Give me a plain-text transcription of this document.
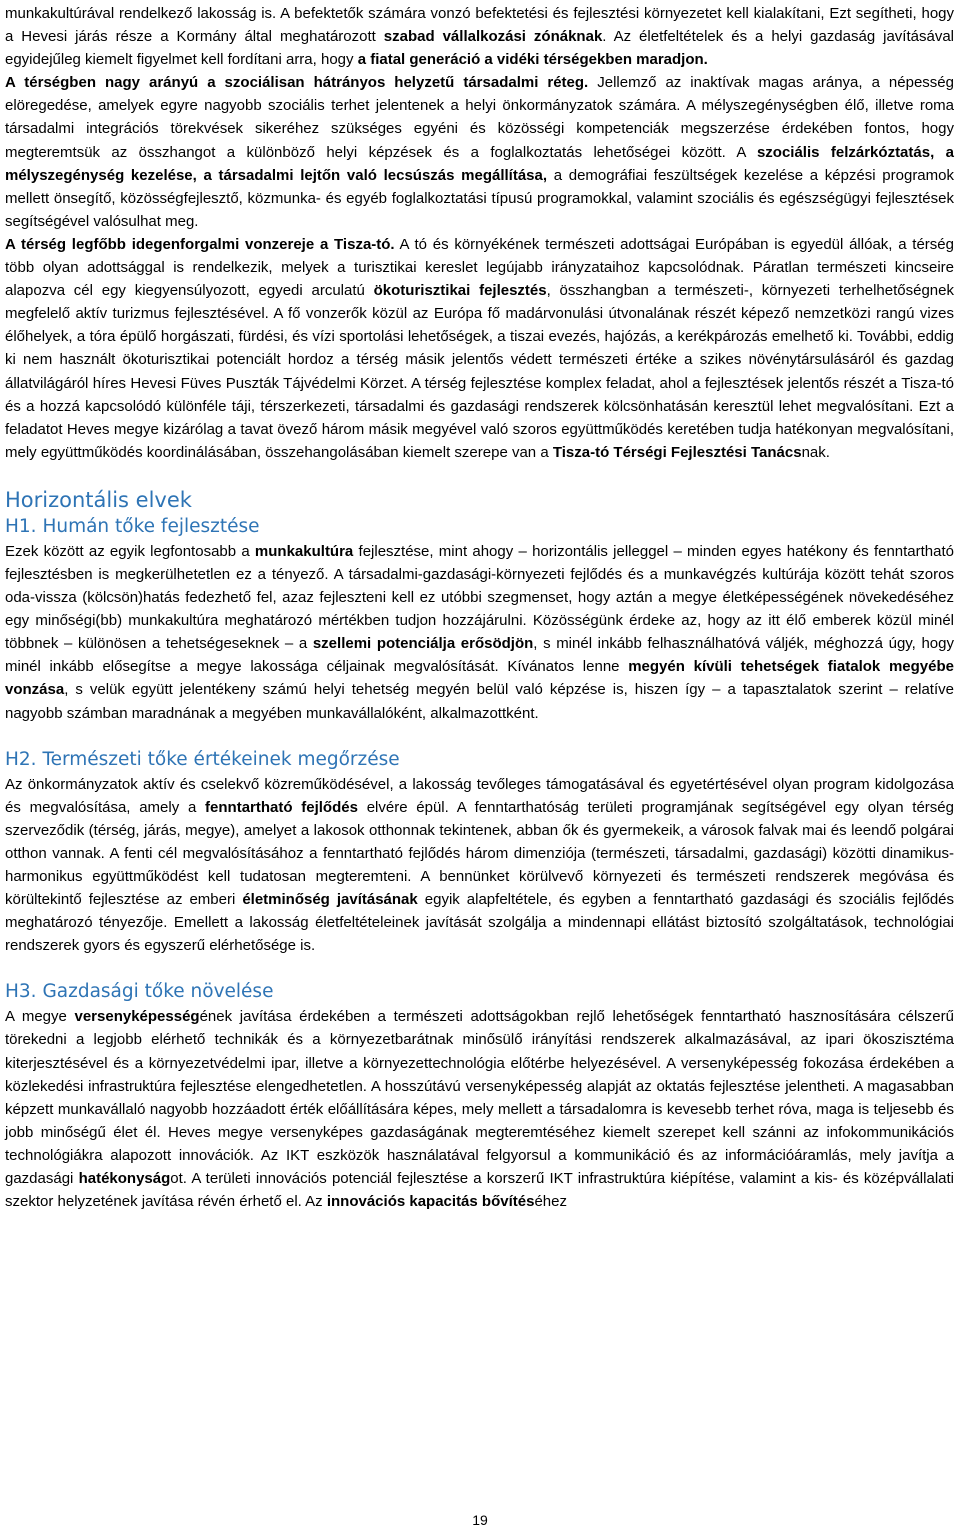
munkakultúrával rendelkező lakosság is. A befektetők számára vonzó befektetési és fejlesztési környezetet kell kialakítani, Ezt segítheti, hogy a Hevesi járás része a Kormány által meghatározott szabad vállalkozási zónáknak. Az életfeltételek és a helyi gazdaság javításával egyidejűleg kiemelt figyelmet kell fordítani arra, hogy a fiatal generáció a vidéki térségekben maradjon.

A térségben nagy arányú a szociálisan hátrányos helyzetű társadalmi réteg. Jellemző az inaktívak magas aránya, a népesség elöregedése, amelyek egyre nagyobb szociális terhet jelentenek a helyi önkormányzatok számára. A mélyszegénységben élő, illetve roma társadalmi integrációs törekvések sikeréhez szükséges egyéni és közösségi kompetenciák megszerzése érdekében fontos, hogy megteremtsük az összhangot a különböző helyi képzések és a foglalkoztatás lehetőségei között. A szociális felzárkóztatás, a mélyszegénység kezelése, a társadalmi lejtőn való lecsúszás megállítása, a demográfiai feszültségek kezelése a képzési programok mellett önsegítő, közösségfejlesztő, közmunka- és egyéb foglalkoztatási típusú programokkal, valamint szociális és egészségügyi fejlesztések segítségével valósulhat meg.

A térség legfőbb idegenforgalmi vonzereje a Tisza-tó. A tó és környékének természeti adottságai Európában is egyedül állóak, a térség több olyan adottsággal is rendelkezik, melyek a turisztikai kereslet legújabb irányzataihoz kapcsolódnak. Páratlan természeti kincseire alapozva cél egy kiegyensúlyozott, egyedi arculatú ökoturisztikai fejlesztés, összhangban a természeti-, környezeti terhelhetőségnek megfelelő aktív turizmus fejlesztésével. A fő vonzerők közül az Európa fő madárvonulási útvonalának részét képező nemzetközi rangú vizes élőhelyek, a tóra épülő horgászati, fürdési, és vízi sportolási lehetőségek, a tiszai evezés, hajózás, a kerékpározás emelhető ki. További, eddig ki nem használt ökoturisztikai potenciált hordoz a térség másik jelentős védett természeti értéke a szikes növénytársulásáról és gazdag állatvilágáról híres Hevesi Füves Puszták Tájvédelmi Körzet. A térség fejlesztése komplex feladat, ahol a fejlesztések jelentős részét a Tisza-tó és a hozzá kapcsolódó különféle táji, térszerkezeti, társadalmi és gazdasági rendszerek kölcsönhatásán keresztül lehet megvalósítani. Ezt a feladatot Heves megye kizárólag a tavat övező három másik megyével való szoros együttműködés keretében tudja hatékonyan megvalósítani, mely együttműködés koordinálásában, összehangolásában kiemelt szerepe van a Tisza-tó Térségi Fejlesztési Tanácsnak.

Horizontális elvek
H1. Humán tőke fejlesztése

Ezek között az egyik legfontosabb a munkakultúra fejlesztése, mint ahogy – horizontális jelleggel – minden egyes hatékony és fenntartható fejlesztésben is megkerülhetetlen ez a tényező. A társadalmi-gazdasági-környezeti fejlődés és a munkavégzés kultúrája között tehát szoros oda-vissza (kölcsön)hatás fedezhető fel, azaz fejleszteni kell ez utóbbi szegmenset, hogy aztán a megye életképességének növekedéséhez egy minőségi(bb) munkakultúra meghatározó mértékben tudjon hozzájárulni. Közösségünk érdeke az, hogy az itt élő emberek közül minél többnek – különösen a tehetségeseknek – a szellemi potenciálja erősödjön, s minél inkább felhasználhatóvá váljék, méghozzá úgy, hogy minél inkább elősegítse a megye lakossága céljainak megvalósítását. Kívánatos lenne megyén kívüli tehetségek fiatalok megyébe vonzása, s velük együtt jelentékeny számú helyi tehetség megyén belül való képzése is, hiszen így – a tapasztalatok szerint – relatíve nagyobb számban maradnának a megyében munkavállalóként, alkalmazottként.

H2. Természeti tőke értékeinek megőrzése

Az önkormányzatok aktív és cselekvő közreműködésével, a lakosság tevőleges támogatásával és egyetértésével olyan program kidolgozása és megvalósítása, amely a fenntartható fejlődés elvére épül. A fenntarthatóság területi programjának segítségével egy olyan térség szerveződik (térség, járás, megye), amelyet a lakosok otthonnak tekintenek, abban ők és gyermekeik, a városok falvak mai és leendő polgárai otthon vannak. A fenti cél megvalósításához a fenntartható fejlődés három dimenziója (természeti, társadalmi, gazdasági) közötti dinamikus-harmonikus együttműködést kell tudatosan megteremteni. A bennünket körülvevő környezeti és természeti rendszerek megóvása és körültekintő fejlesztése az emberi életminőség javításának egyik alapfeltétele, és egyben a fenntartható gazdasági és szociális fejlődés meghatározó tényezője. Emellett a lakosság életfeltételeinek javítását szolgálja a mindennapi ellátást biztosító szolgáltatások, technológiai rendszerek gyors és egyszerű elérhetősége is.

H3. Gazdasági tőke növelése

A megye versenyképességének javítása érdekében a természeti adottságokban rejlő lehetőségek fenntartható hasznosítására célszerű törekedni a legjobb elérhető technikák és a környezetbarátnak minősülő irányítási rendszerek alkalmazásával, az ipari ökoszisztéma kiterjesztésével és a környezetvédelmi ipar, illetve a környezettechnológia előtérbe helyezésével. A versenyképesség fokozása érdekében a közlekedési infrastruktúra fejlesztése elengedhetetlen. A hosszútávú versenyképesség alapját az oktatás fejlesztése jelentheti. A magasabban képzett munkavállaló nagyobb hozzáadott érték előállítására képes, mely mellett a társadalomra is kevesebb terhet róva, maga is teljesebb és jobb minőségű élet él. Heves megye versenyképes gazdaságának megteremtéséhez kiemelt szerepet kell szánni az infokommunikációs technológiákra alapozott innovációk. Az IKT eszközök használatával felgyorsul a kommunikáció és az információáramlás, mely javítja a gazdasági hatékonyságot. A területi innovációs potenciál fejlesztése a korszerű IKT infrastruktúra kiépítése, valamint a kis- és középvállalati szektor helyzetének javítása révén érhető el. Az innovációs kapacitás bővítéséhez

19
